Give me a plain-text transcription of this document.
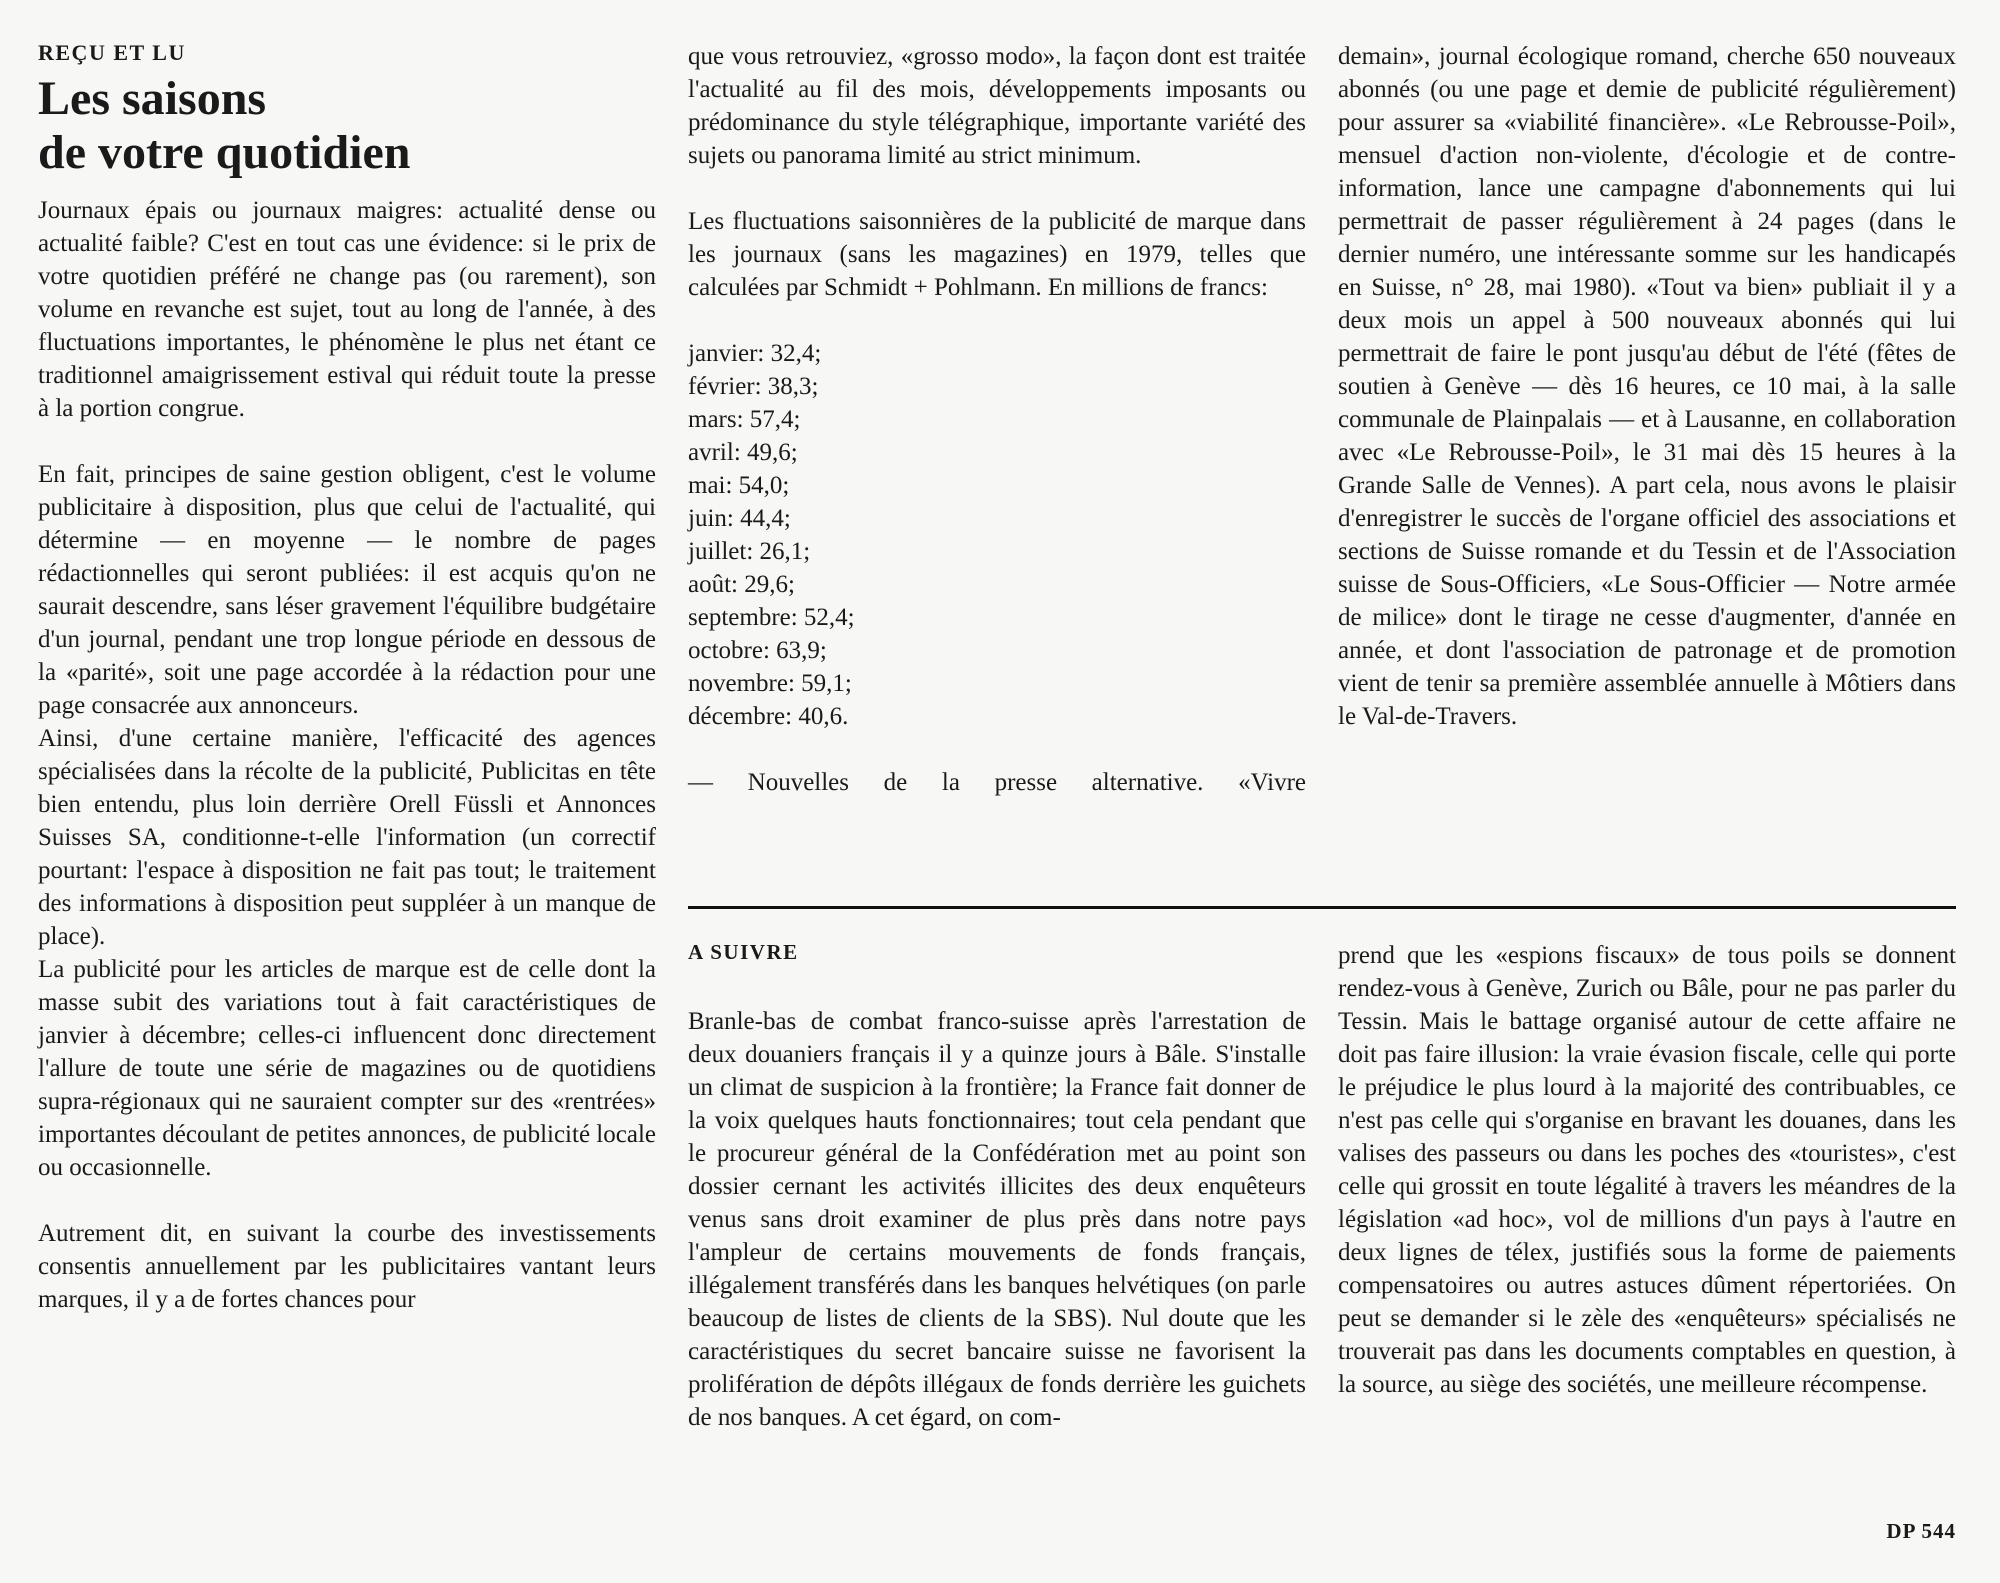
REÇU ET LU

Les saisons
de votre quotidien

Journaux épais ou journaux maigres: actualité dense ou actualité faible? C'est en tout cas une évidence: si le prix de votre quotidien préféré ne change pas (ou rarement), son volume en revanche est sujet, tout au long de l'année, à des fluctuations importantes, le phénomène le plus net étant ce traditionnel amaigrissement estival qui réduit toute la presse à la portion congrue.

En fait, principes de saine gestion obligent, c'est le volume publicitaire à disposition, plus que celui de l'actualité, qui détermine — en moyenne — le nombre de pages rédactionnelles qui seront publiées: il est acquis qu'on ne saurait descendre, sans léser gravement l'équilibre budgétaire d'un journal, pendant une trop longue période en dessous de la «parité», soit une page accordée à la rédaction pour une page consacrée aux annonceurs.

Ainsi, d'une certaine manière, l'efficacité des agences spécialisées dans la récolte de la publicité, Publicitas en tête bien entendu, plus loin derrière Orell Füssli et Annonces Suisses SA, conditionne-t-elle l'information (un correctif pourtant: l'espace à disposition ne fait pas tout; le traitement des informations à disposition peut suppléer à un manque de place).

La publicité pour les articles de marque est de celle dont la masse subit des variations tout à fait caractéristiques de janvier à décembre; celles-ci influencent donc directement l'allure de toute une série de magazines ou de quotidiens supra-régionaux qui ne sauraient compter sur des «rentrées» importantes découlant de petites annonces, de publicité locale ou occasionnelle.

Autrement dit, en suivant la courbe des investissements consentis annuellement par les publicitaires vantant leurs marques, il y a de fortes chances pour

que vous retrouviez, «grosso modo», la façon dont est traitée l'actualité au fil des mois, développements imposants ou prédominance du style télégraphique, importante variété des sujets ou panorama limité au strict minimum.

Les fluctuations saisonnières de la publicité de marque dans les journaux (sans les magazines) en 1979, telles que calculées par Schmidt + Pohlmann. En millions de francs:

janvier: 32,4;
février: 38,3;
mars: 57,4;
avril: 49,6;
mai: 54,0;
juin: 44,4;
juillet: 26,1;
août: 29,6;
septembre: 52,4;
octobre: 63,9;
novembre: 59,1;
décembre: 40,6.

— Nouvelles de la presse alternative. «Vivre

demain», journal écologique romand, cherche 650 nouveaux abonnés (ou une page et demie de publicité régulièrement) pour assurer sa «viabilité financière». «Le Rebrousse-Poil», mensuel d'action non-violente, d'écologie et de contre-information, lance une campagne d'abonnements qui lui permettrait de passer régulièrement à 24 pages (dans le dernier numéro, une intéressante somme sur les handicapés en Suisse, n° 28, mai 1980). «Tout va bien» publiait il y a deux mois un appel à 500 nouveaux abonnés qui lui permettrait de faire le pont jusqu'au début de l'été (fêtes de soutien à Genève — dès 16 heures, ce 10 mai, à la salle communale de Plainpalais — et à Lausanne, en collaboration avec «Le Rebrousse-Poil», le 31 mai dès 15 heures à la Grande Salle de Vennes). A part cela, nous avons le plaisir d'enregistrer le succès de l'organe officiel des associations et sections de Suisse romande et du Tessin et de l'Association suisse de Sous-Officiers, «Le Sous-Officier — Notre armée de milice» dont le tirage ne cesse d'augmenter, d'année en année, et dont l'association de patronage et de promotion vient de tenir sa première assemblée annuelle à Môtiers dans le Val-de-Travers.

A SUIVRE

Branle-bas de combat franco-suisse après l'arrestation de deux douaniers français il y a quinze jours à Bâle. S'installe un climat de suspicion à la frontière; la France fait donner de la voix quelques hauts fonctionnaires; tout cela pendant que le procureur général de la Confédération met au point son dossier cernant les activités illicites des deux enquêteurs venus sans droit examiner de plus près dans notre pays l'ampleur de certains mouvements de fonds français, illégalement transférés dans les banques helvétiques (on parle beaucoup de listes de clients de la SBS). Nul doute que les caractéristiques du secret bancaire suisse ne favorisent la prolifération de dépôts illégaux de fonds derrière les guichets de nos banques. A cet égard, on com-

prend que les «espions fiscaux» de tous poils se donnent rendez-vous à Genève, Zurich ou Bâle, pour ne pas parler du Tessin. Mais le battage organisé autour de cette affaire ne doit pas faire illusion: la vraie évasion fiscale, celle qui porte le préjudice le plus lourd à la majorité des contribuables, ce n'est pas celle qui s'organise en bravant les douanes, dans les valises des passeurs ou dans les poches des «touristes», c'est celle qui grossit en toute légalité à travers les méandres de la législation «ad hoc», vol de millions d'un pays à l'autre en deux lignes de télex, justifiés sous la forme de paiements compensatoires ou autres astuces dûment répertoriées. On peut se demander si le zèle des «enquêteurs» spécialisés ne trouverait pas dans les documents comptables en question, à la source, au siège des sociétés, une meilleure récompense.

DP 544
